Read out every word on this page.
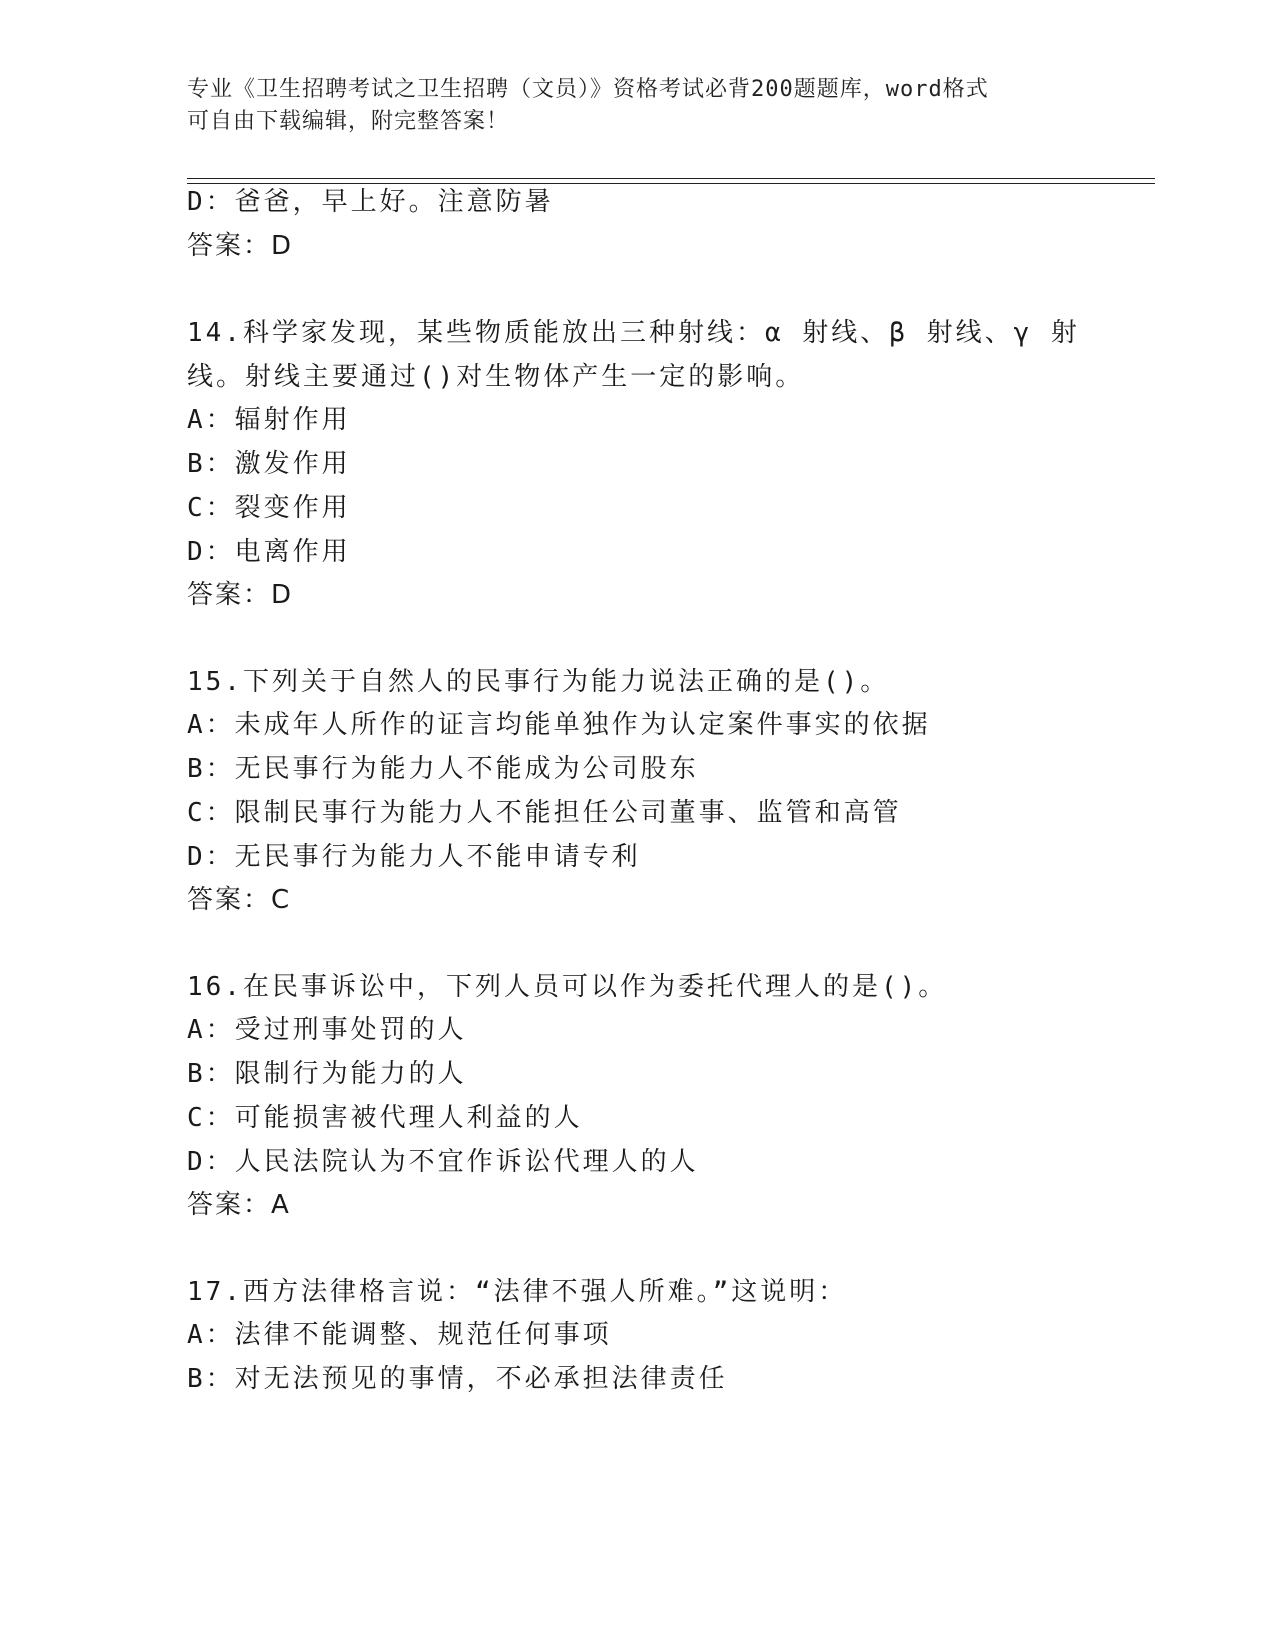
专业《卫生招聘考试之卫生招聘（文员）》资格考试必背200题题库，word格式
可自由下载编辑，附完整答案！
D：爸爸，早上好。注意防暑
答案：D
14.科学家发现，某些物质能放出三种射线：α 射线、β 射线、γ 射
线。射线主要通过()对生物体产生一定的影响。
A：辐射作用
B：激发作用
C：裂变作用
D：电离作用
答案：D
15.下列关于自然人的民事行为能力说法正确的是()。
A：未成年人所作的证言均能单独作为认定案件事实的依据
B：无民事行为能力人不能成为公司股东
C：限制民事行为能力人不能担任公司董事、监管和高管
D：无民事行为能力人不能申请专利
答案：C
16.在民事诉讼中，下列人员可以作为委托代理人的是()。
A：受过刑事处罚的人
B：限制行为能力的人
C：可能损害被代理人利益的人
D：人民法院认为不宜作诉讼代理人的人
答案：A
17.西方法律格言说：“法律不强人所难。”这说明：
A：法律不能调整、规范任何事项
B：对无法预见的事情，不必承担法律责任
